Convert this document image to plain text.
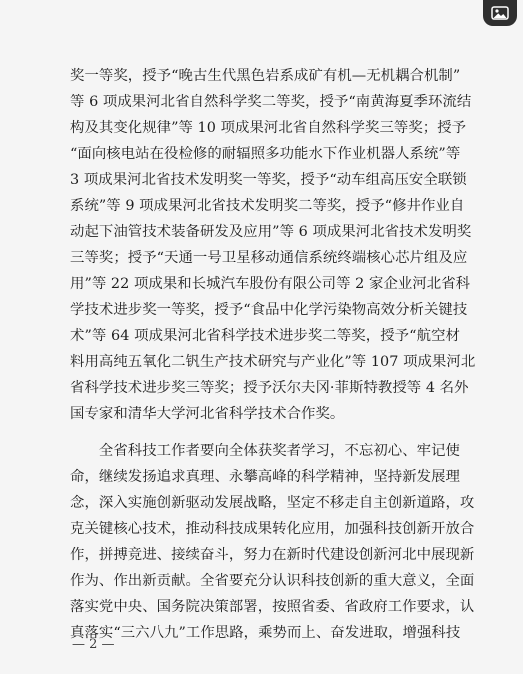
奖一等奖，授予“晚古生代黑色岩系成矿有机—无机耦合机制”
等 6 项成果河北省自然科学奖二等奖，授予“南黄海夏季环流结
构及其变化规律”等 10 项成果河北省自然科学奖三等奖；授予
“面向核电站在役检修的耐辐照多功能水下作业机器人系统”等
3 项成果河北省技术发明奖一等奖，授予“动车组高压安全联锁
系统”等 9 项成果河北省技术发明奖二等奖，授予“修井作业自
动起下油管技术装备研发及应用”等 6 项成果河北省技术发明奖
三等奖；授予“天通一号卫星移动通信系统终端核心芯片组及应
用”等 22 项成果和长城汽车股份有限公司等 2 家企业河北省科
学技术进步奖一等奖，授予“食品中化学污染物高效分析关键技
术”等 64 项成果河北省科学技术进步奖二等奖，授予“航空材
料用高纯五氧化二钒生产技术研究与产业化”等 107 项成果河北
省科学技术进步奖三等奖；授予沃尔夫冈·菲斯特教授等 4 名外
国专家和清华大学河北省科学技术合作奖。
　　全省科技工作者要向全体获奖者学习，不忘初心、牢记使
命，继续发扬追求真理、永攀高峰的科学精神，坚持新发展理
念，深入实施创新驱动发展战略，坚定不移走自主创新道路，攻
克关键核心技术，推动科技成果转化应用，加强科技创新开放合
作，拼搏竞进、接续奋斗，努力在新时代建设创新河北中展现新
作为、作出新贡献。全省要充分认识科技创新的重大意义，全面
落实党中央、国务院决策部署，按照省委、省政府工作要求，认
真落实“三六八九”工作思路，乘势而上、奋发进取，增强科技
— 2 —
